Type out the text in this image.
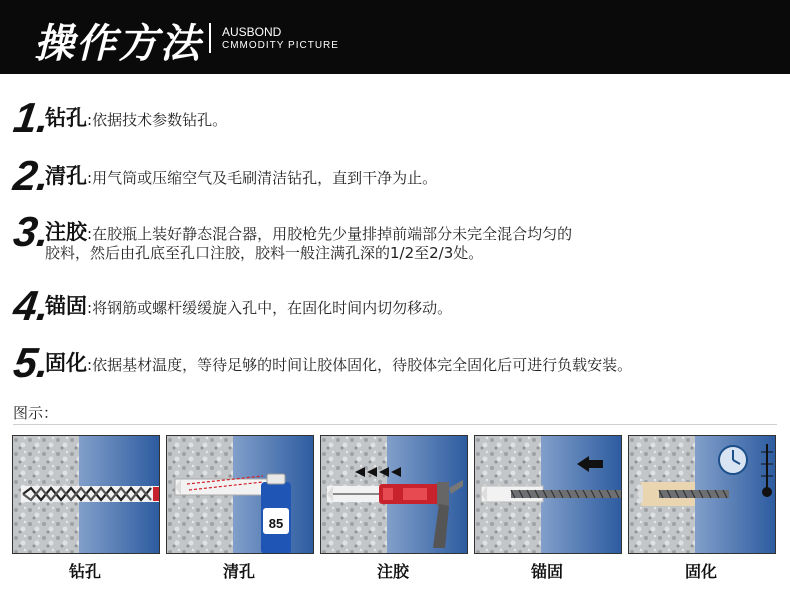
操作方法 AUSBOND
CMMODITY PICTURE
1.
钻孔:依据技术参数钻孔。
2.
清孔:用气筒或压缩空气及毛刷清洁钻孔，直到干净为止。
3.
注胶:在胶瓶上装好静态混合器，用胶枪先少量排掉前端部分未完全混合均匀的
胶料，然后由孔底至孔口注胶，胶料一般注满孔深的1/2至2/3处。
4.
锚固:将钢筋或螺杆缓缓旋入孔中，在固化时间内切勿移动。
5.
固化:依据基材温度，等待足够的时间让胶体固化，待胶体完全固化后可进行负载安装。
图示：
85
钻孔	清孔	注胶	锚固	固化
